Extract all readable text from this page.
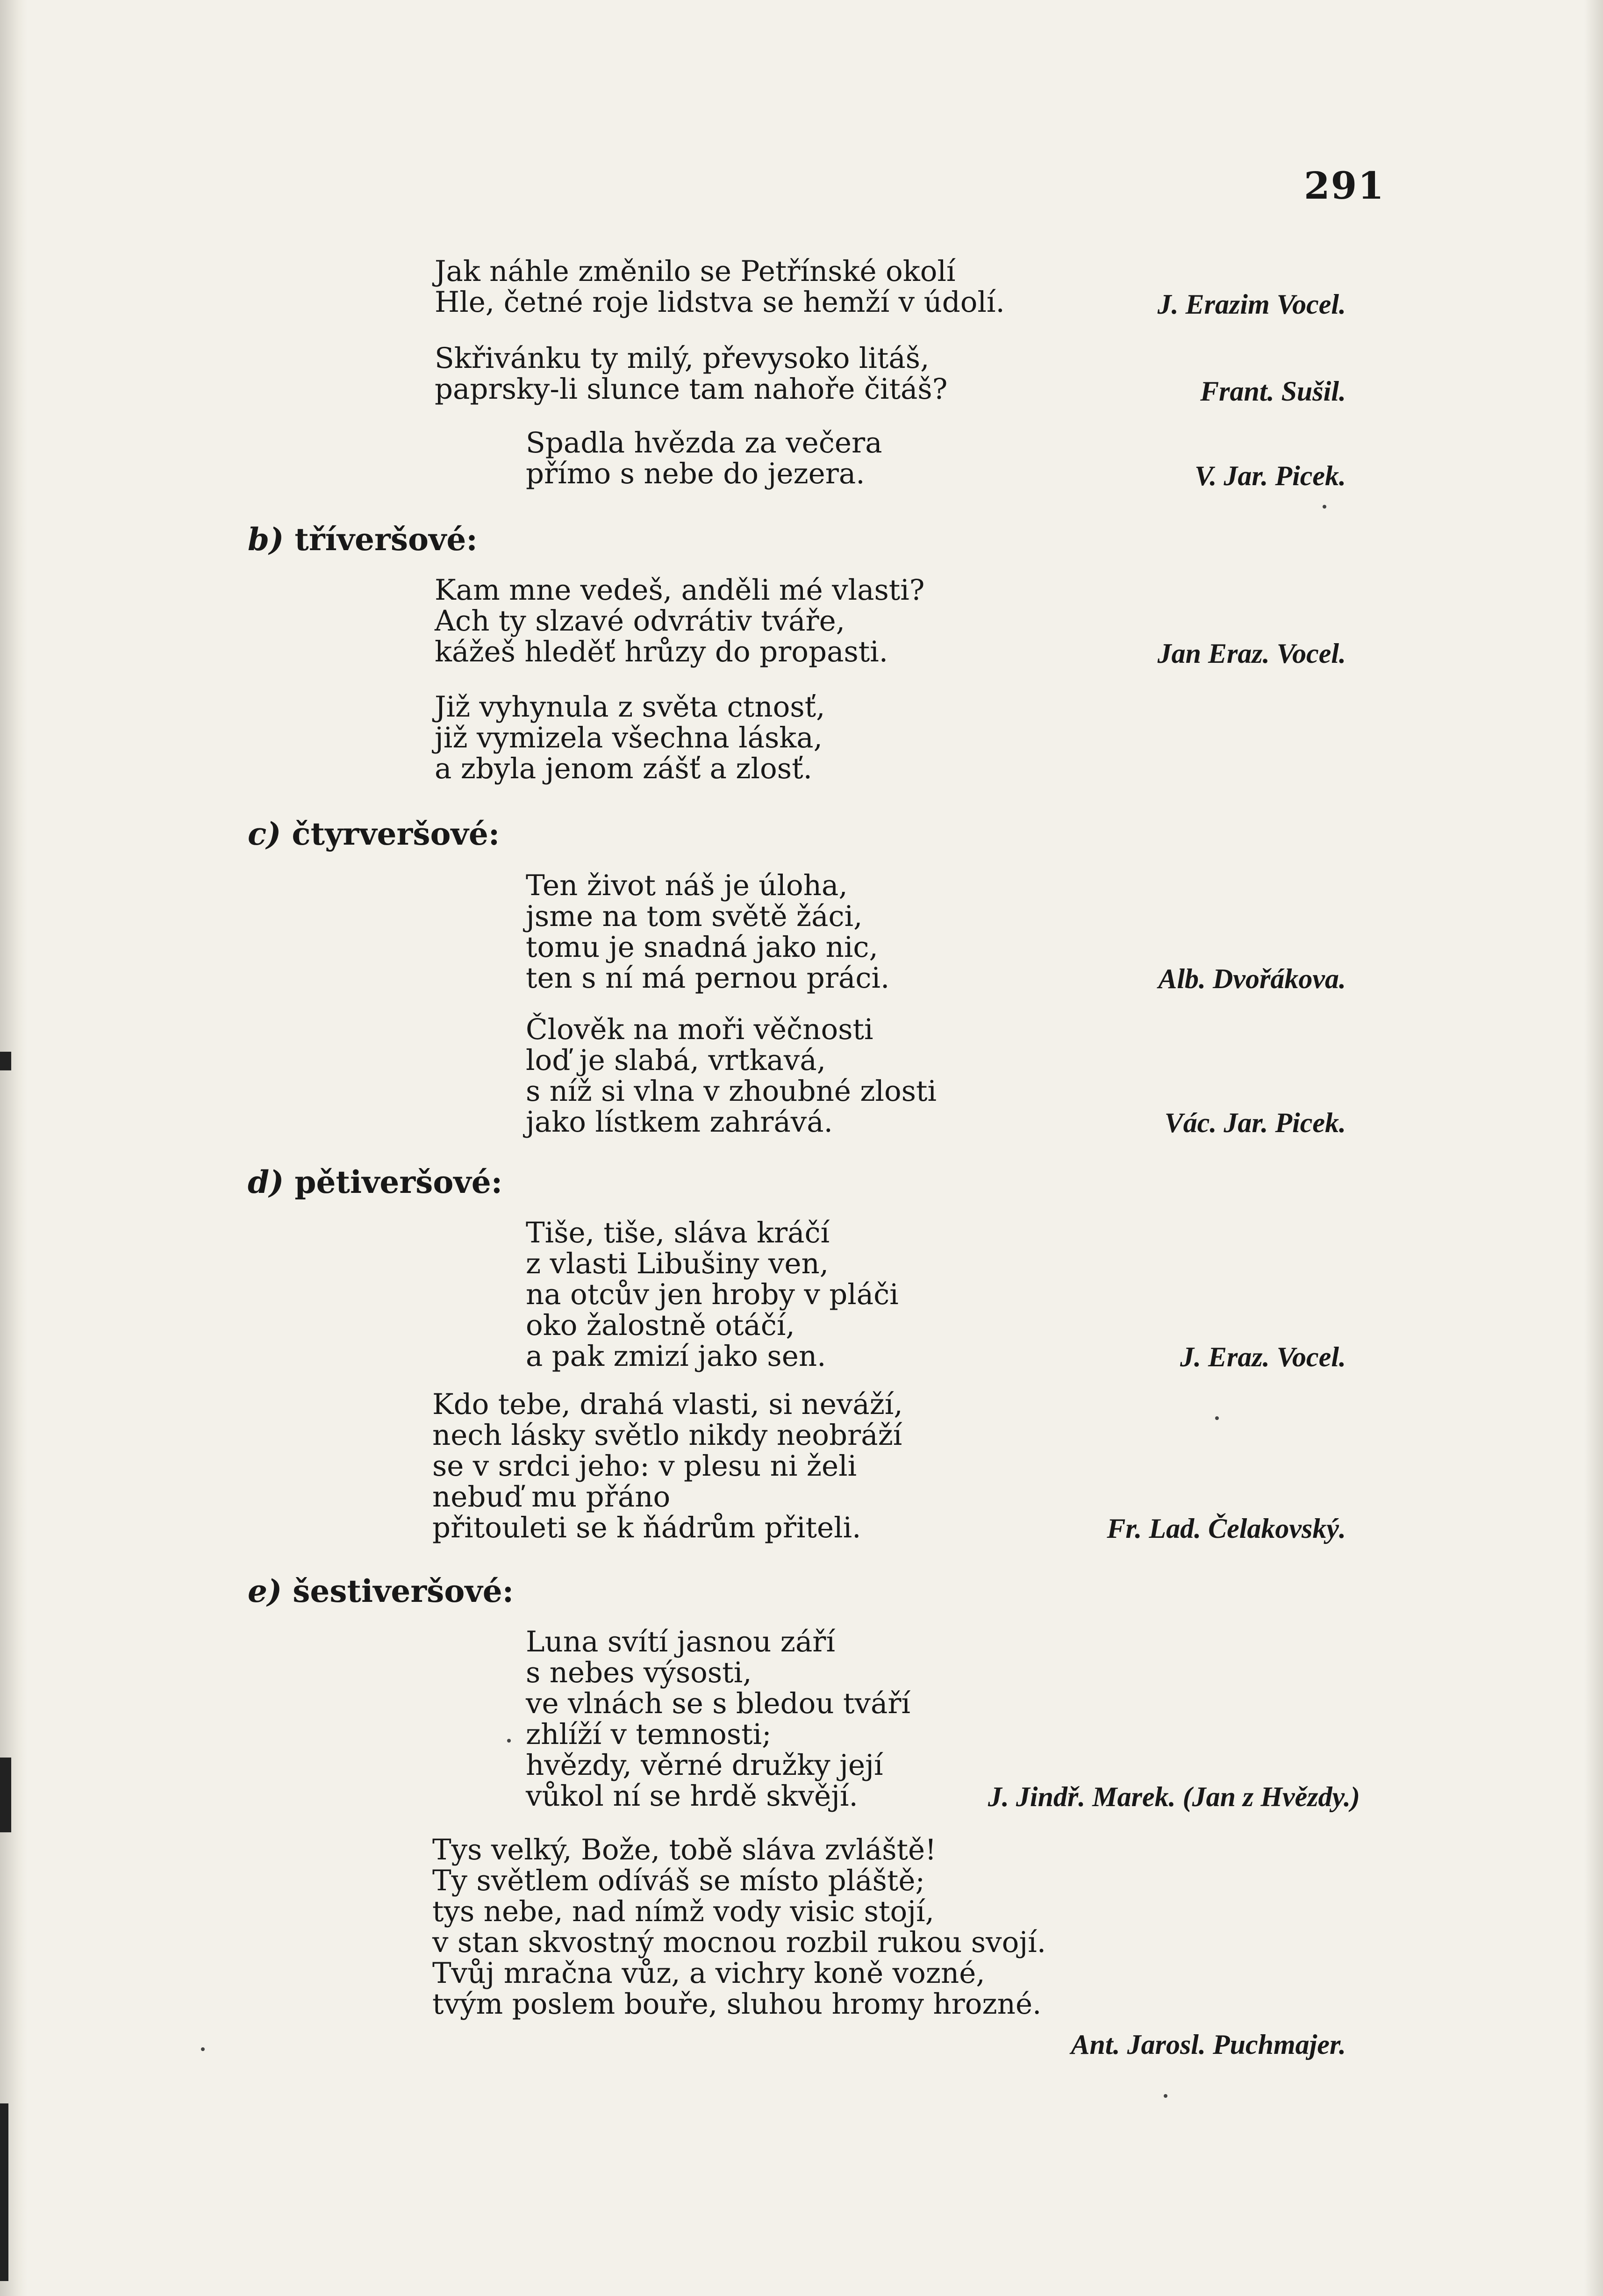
291
Jak náhle změnilo se Petřínské okolí
Hle, četné roje lidstva se hemží v údolí.	J. Erazim Vocel.
Skřivánku ty milý, převysoko litáš,
paprsky-li slunce tam nahoře čitáš?	Frant. Sušil.
Spadla hvězda za večera
přímo s nebe do jezera.	V. Jar. Picek.
b) tříveršové:
Kam mne vedeš, anděli mé vlasti?
Ach ty slzavé odvrátiv tváře,
kážeš hleděť hrůzy do propasti.	Jan Eraz. Vocel.
Již vyhynula z světa ctnosť,
již vymizela všechna láska,
a zbyla jenom zášť a zlosť.
c) čtyrveršové:
Ten život náš je úloha,
jsme na tom světě žáci,
tomu je snadná jako nic,
ten s ní má pernou práci.	Alb. Dvořákova.
Člověk na moři věčnosti
loď je slabá, vrtkavá,
s níž si vlna v zhoubné zlosti
jako lístkem zahrává.	Vác. Jar. Picek.
d) pětiveršové:
Tiše, tiše, sláva kráčí
z vlasti Libušiny ven,
na otcův jen hroby v pláči
oko žalostně otáčí,
a pak zmizí jako sen.	J. Eraz. Vocel.
Kdo tebe, drahá vlasti, si neváží,
nech lásky světlo nikdy neobráží
se v srdci jeho: v plesu ni želi
nebuď mu přáno
přitouleti se k ňádrům přiteli.	Fr. Lad. Čelakovský.
e) šestiveršové:
Luna svítí jasnou září
s nebes výsosti,
ve vlnách se s bledou tváří
zhlíží v temnosti;
hvězdy, věrné družky její
vůkol ní se hrdě skvějí.	J. Jindř. Marek. (Jan z Hvězdy.)
Tys velký, Bože, tobě sláva zvláště!
Ty světlem odíváš se místo pláště;
tys nebe, nad nímž vody visic stojí,
v stan skvostný mocnou rozbil rukou svojí.
Tvůj mračna vůz, a vichry koně vozné,
tvým poslem bouře, sluhou hromy hrozné.
Ant. Jarosl. Puchmajer.
